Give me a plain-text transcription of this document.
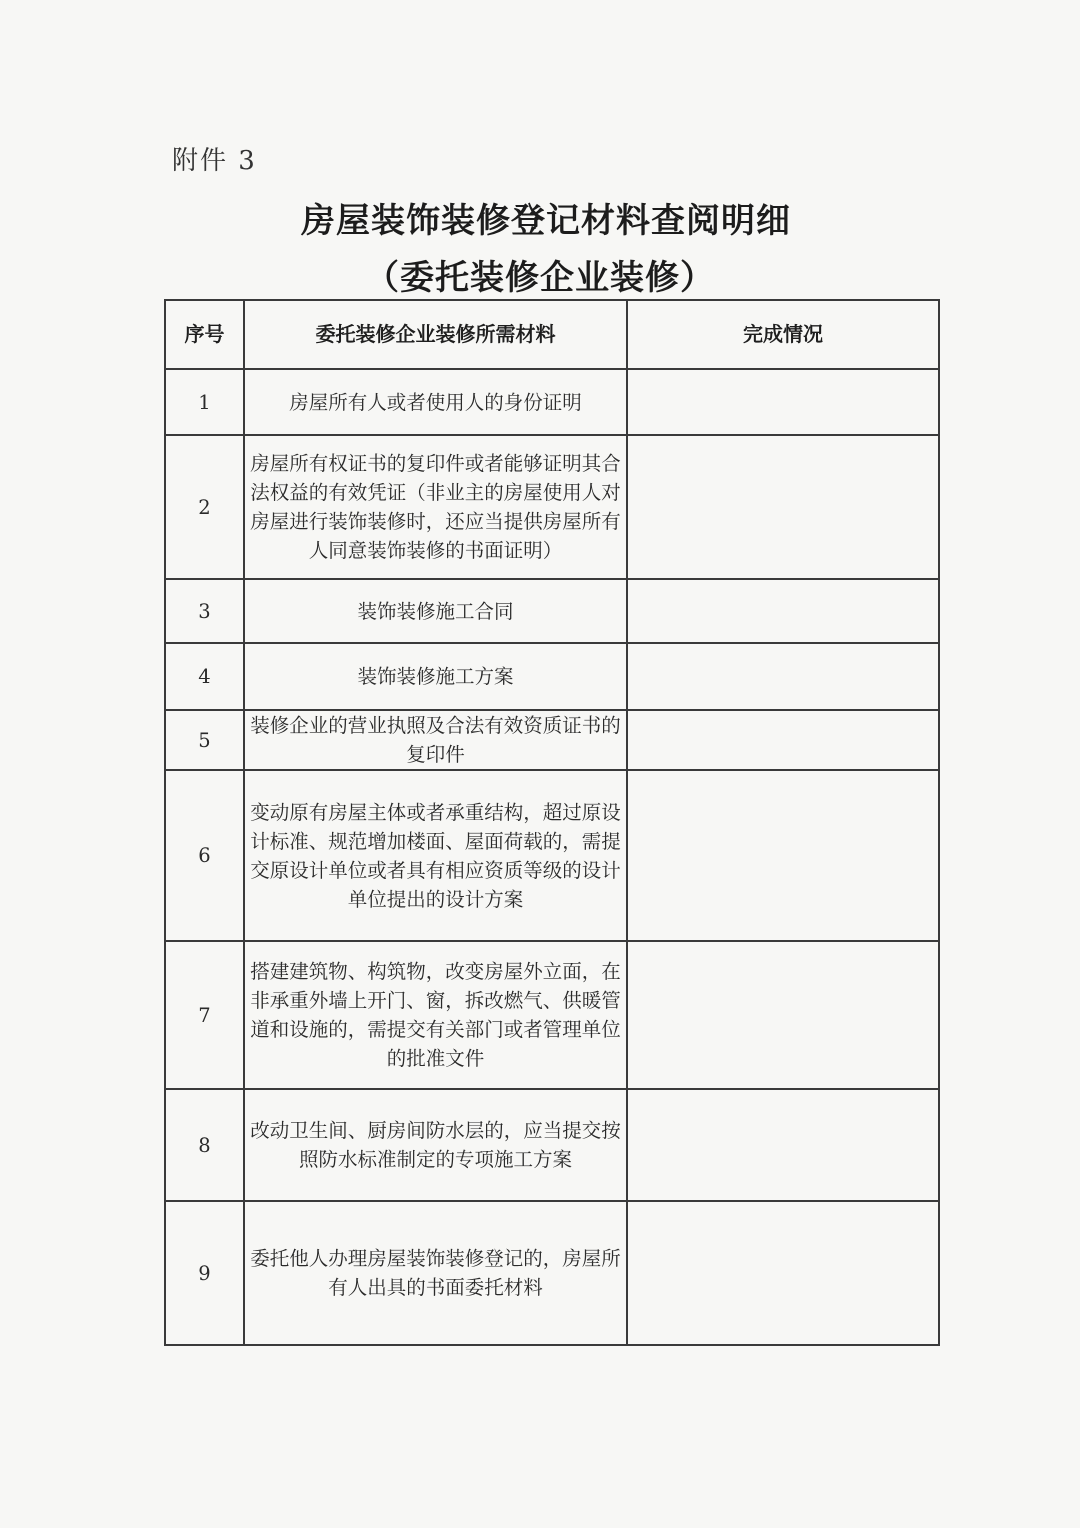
附件 3
房屋装饰装修登记材料查阅明细
（委托装修企业装修）
序号	委托装修企业装修所需材料	完成情况
1	房屋所有人或者使用人的身份证明	
2	房屋所有权证书的复印件或者能够证明其合法权益的有效凭证（非业主的房屋使用人对房屋进行装饰装修时，还应当提供房屋所有人同意装饰装修的书面证明）	
3	装饰装修施工合同	
4	装饰装修施工方案	
5	装修企业的营业执照及合法有效资质证书的复印件	
6	变动原有房屋主体或者承重结构，超过原设计标准、规范增加楼面、屋面荷载的，需提交原设计单位或者具有相应资质等级的设计单位提出的设计方案	
7	搭建建筑物、构筑物，改变房屋外立面，在非承重外墙上开门、窗，拆改燃气、供暖管道和设施的，需提交有关部门或者管理单位的批准文件	
8	改动卫生间、厨房间防水层的，应当提交按照防水标准制定的专项施工方案	
9	委托他人办理房屋装饰装修登记的，房屋所有人出具的书面委托材料	
